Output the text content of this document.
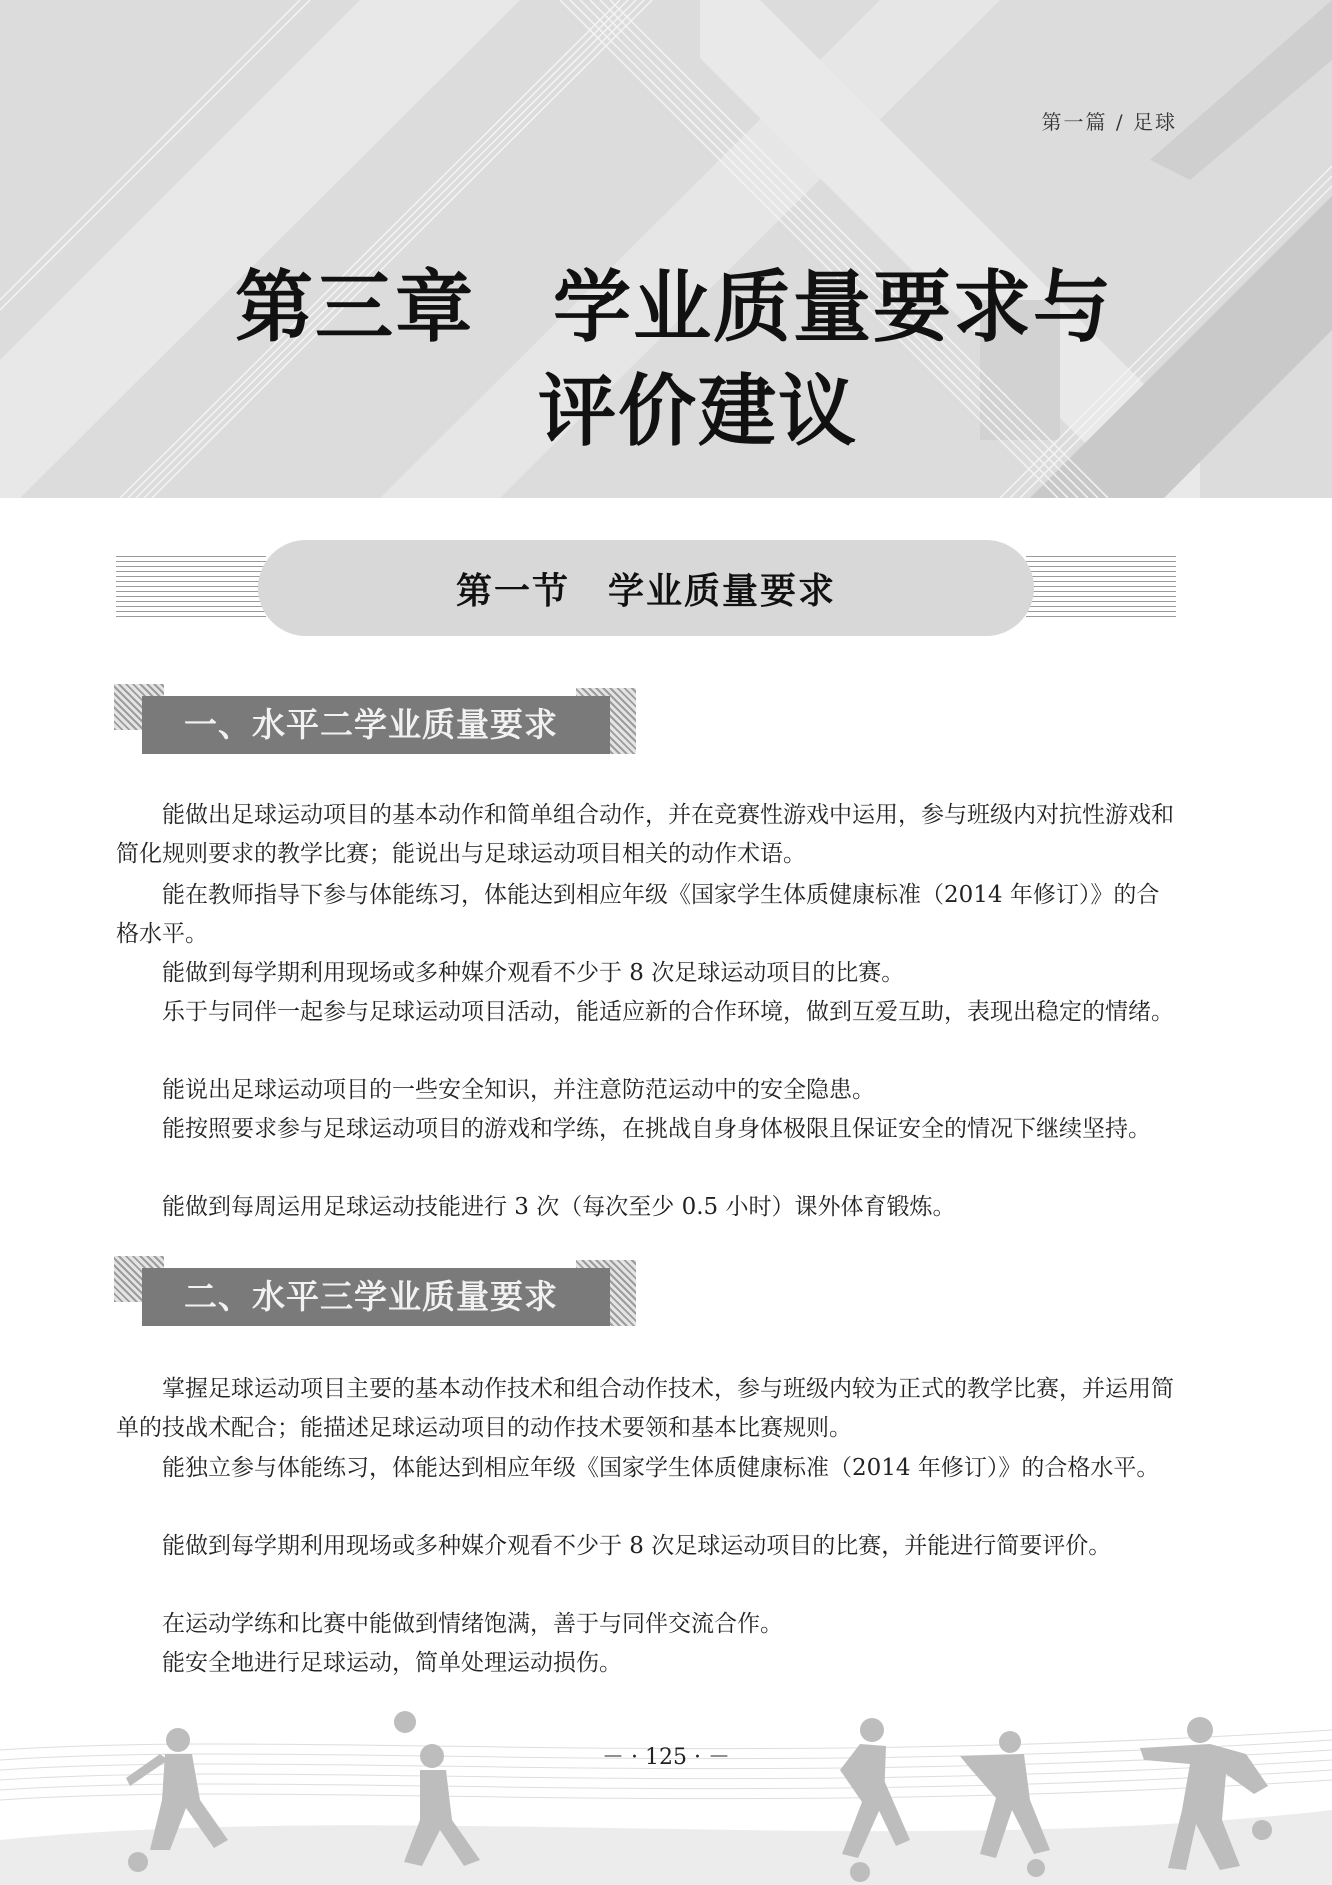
第一篇 / 足球
第三章 学业质量要求与
评价建议
第一节　学业质量要求
一、水平二学业质量要求

能做出足球运动项目的基本动作和简单组合动作，并在竞赛性游戏中运用，参与班级内对抗性游戏和简化规则要求的教学比赛；能说出与足球运动项目相关的动作术语。

能在教师指导下参与体能练习，体能达到相应年级《国家学生体质健康标准（2014 年修订）》的合格水平。

能做到每学期利用现场或多种媒介观看不少于 8 次足球运动项目的比赛。

乐于与同伴一起参与足球运动项目活动，能适应新的合作环境，做到互爱互助，表现出稳定的情绪。

能说出足球运动项目的一些安全知识，并注意防范运动中的安全隐患。

能按照要求参与足球运动项目的游戏和学练，在挑战自身身体极限且保证安全的情况下继续坚持。

能做到每周运用足球运动技能进行 3 次（每次至少 0.5 小时）课外体育锻炼。

二、水平三学业质量要求

掌握足球运动项目主要的基本动作技术和组合动作技术，参与班级内较为正式的教学比赛，并运用简单的技战术配合；能描述足球运动项目的动作技术要领和基本比赛规则。

能独立参与体能练习，体能达到相应年级《国家学生体质健康标准（2014 年修订）》的合格水平。

能做到每学期利用现场或多种媒介观看不少于 8 次足球运动项目的比赛，并能进行简要评价。

在运动学练和比赛中能做到情绪饱满，善于与同伴交流合作。

能安全地进行足球运动，简单处理运动损伤。

－ · 125 · －
